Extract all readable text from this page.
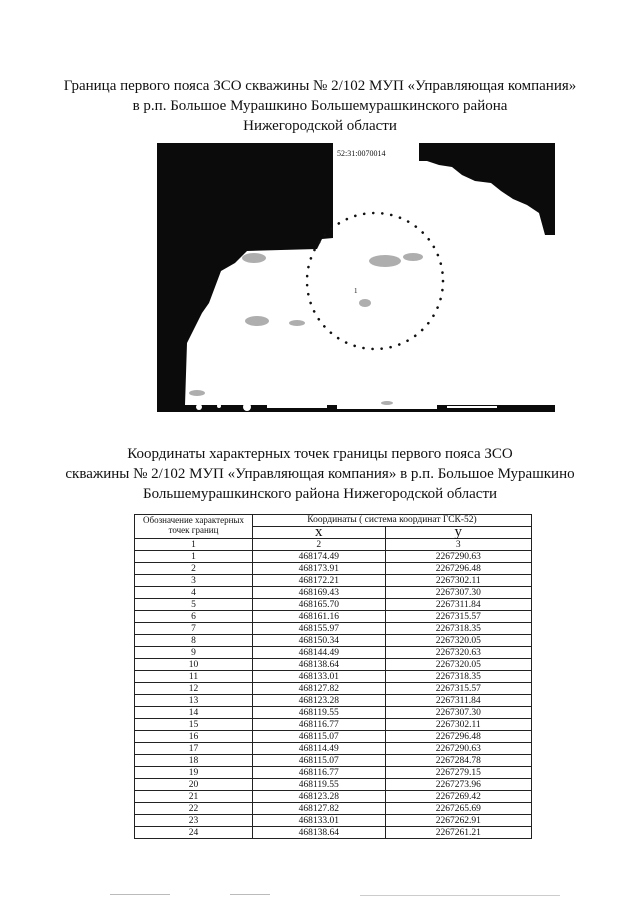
Граница первого пояса ЗСО скважины № 2/102 МУП «Управляющая компания»
в р.п. Большое Мурашкино Большемурашкинского района
Нижегородской области
52:31:0070014
1
Координаты характерных точек границы первого пояса ЗСО
скважины № 2/102 МУП «Управляющая компания» в р.п. Большое Мурашкино
Большемурашкинского района Нижегородской области
Обозначение характерных точек границ	Координаты ( система координат ГСК-52)	
	x	у
1	2	3
1	468174.49	2267290.63
2	468173.91	2267296.48
3	468172.21	2267302.11
4	468169.43	2267307.30
5	468165.70	2267311.84
6	468161.16	2267315.57
7	468155.97	2267318.35
8	468150.34	2267320.05
9	468144.49	2267320.63
10	468138.64	2267320.05
11	468133.01	2267318.35
12	468127.82	2267315.57
13	468123.28	2267311.84
14	468119.55	2267307.30
15	468116.77	2267302.11
16	468115.07	2267296.48
17	468114.49	2267290.63
18	468115.07	2267284.78
19	468116.77	2267279.15
20	468119.55	2267273.96
21	468123.28	2267269.42
22	468127.82	2267265.69
23	468133.01	2267262.91
24	468138.64	2267261.21
